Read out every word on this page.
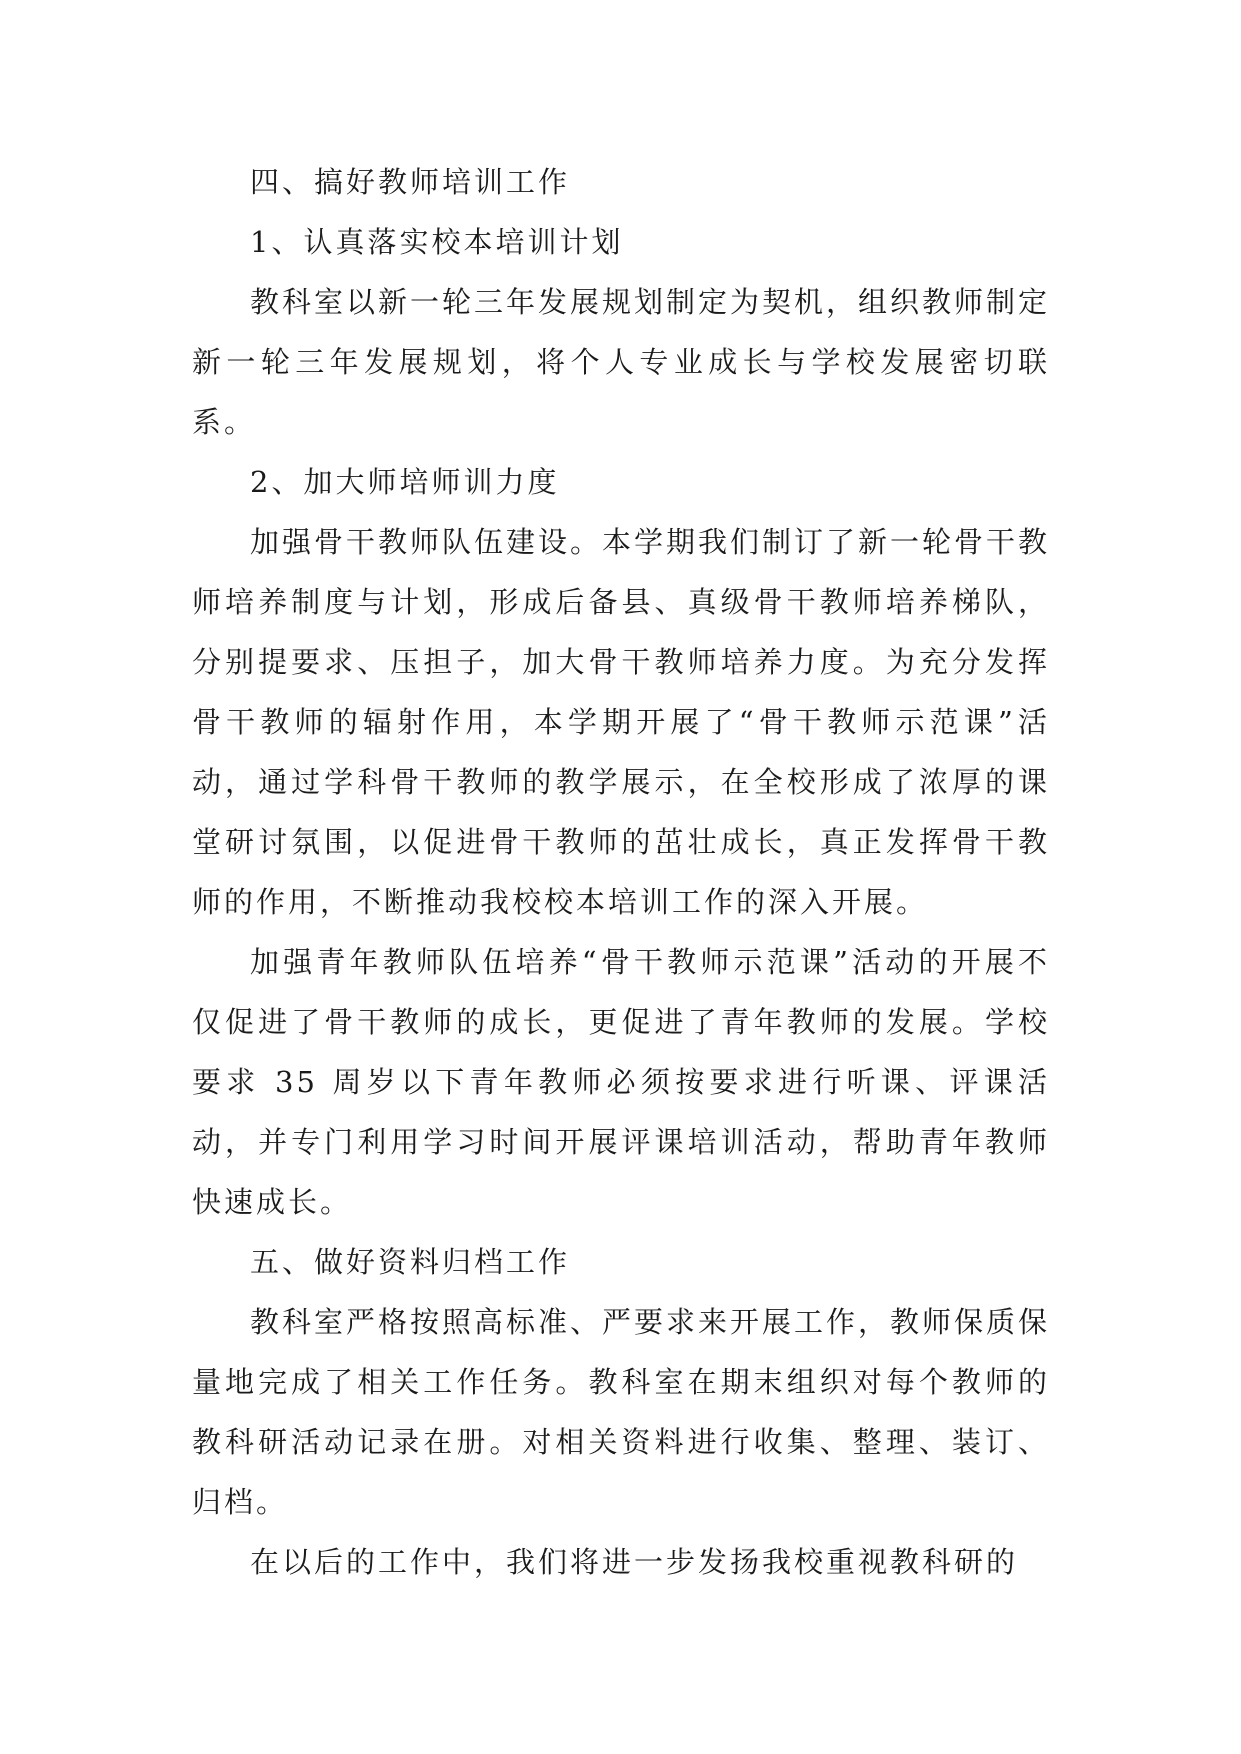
四、搞好教师培训工作

1、认真落实校本培训计划

教科室以新一轮三年发展规划制定为契机，组织教师制定新一轮三年发展规划，将个人专业成长与学校发展密切联系。

2、加大师培师训力度

加强骨干教师队伍建设。本学期我们制订了新一轮骨干教师培养制度与计划，形成后备县、真级骨干教师培养梯队，分别提要求、压担子，加大骨干教师培养力度。为充分发挥骨干教师的辐射作用，本学期开展了“骨干教师示范课”活动，通过学科骨干教师的教学展示，在全校形成了浓厚的课堂研讨氛围，以促进骨干教师的茁壮成长，真正发挥骨干教师的作用，不断推动我校校本培训工作的深入开展。

加强青年教师队伍培养“骨干教师示范课”活动的开展不仅促进了骨干教师的成长，更促进了青年教师的发展。学校要求 35 周岁以下青年教师必须按要求进行听课、评课活动，并专门利用学习时间开展评课培训活动，帮助青年教师快速成长。

五、做好资料归档工作

教科室严格按照高标准、严要求来开展工作，教师保质保量地完成了相关工作任务。教科室在期末组织对每个教师的教科研活动记录在册。对相关资料进行收集、整理、装订、归档。

在以后的工作中，我们将进一步发扬我校重视教科研的
